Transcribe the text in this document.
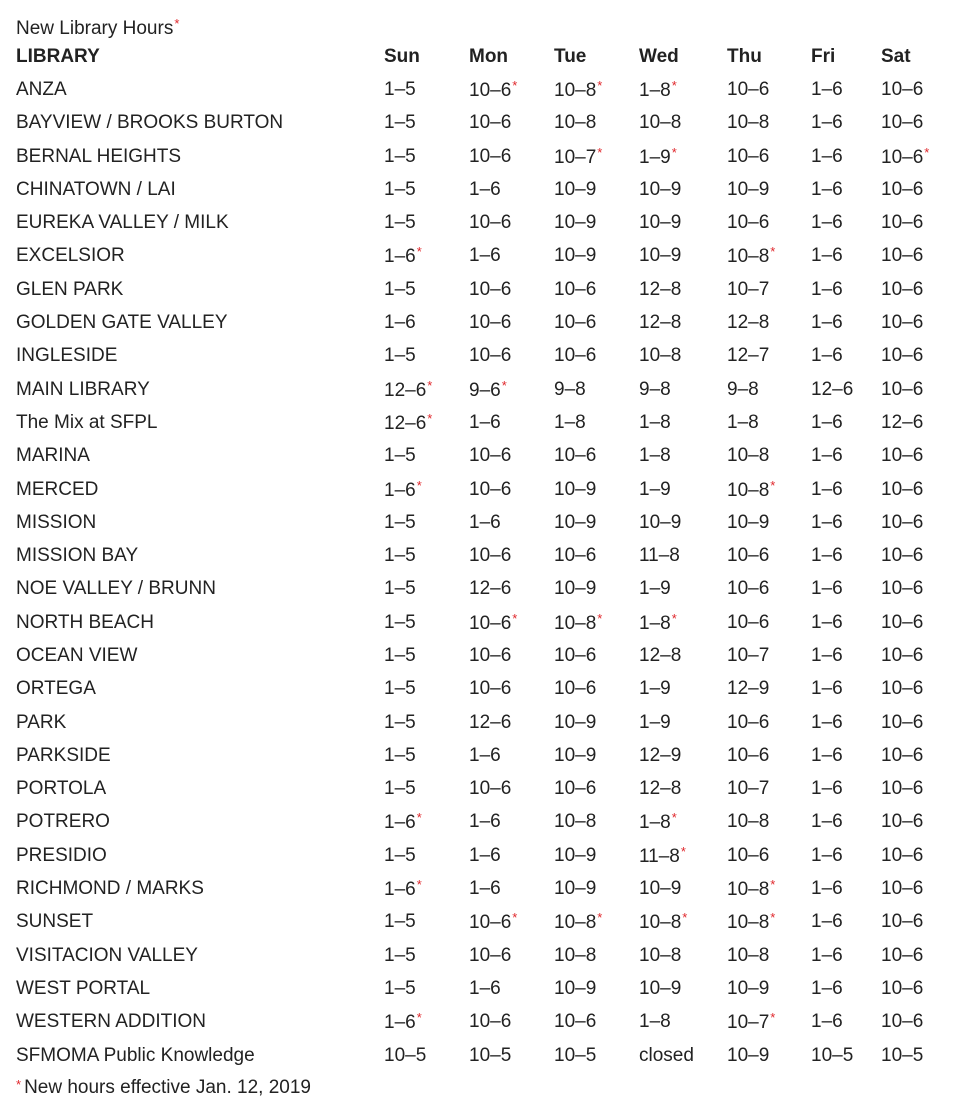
New Library Hours*
LIBRARY	Sun	Mon	Tue	Wed	Thu	Fri	Sat
ANZA	1–5	10–6*	10–8*	1–8*	10–6	1–6	10–6
BAYVIEW / BROOKS BURTON	1–5	10–6	10–8	10–8	10–8	1–6	10–6
BERNAL HEIGHTS	1–5	10–6	10–7*	1–9*	10–6	1–6	10–6*
CHINATOWN / LAI	1–5	1–6	10–9	10–9	10–9	1–6	10–6
EUREKA VALLEY / MILK	1–5	10–6	10–9	10–9	10–6	1–6	10–6
EXCELSIOR	1–6*	1–6	10–9	10–9	10–8*	1–6	10–6
GLEN PARK	1–5	10–6	10–6	12–8	10–7	1–6	10–6
GOLDEN GATE VALLEY	1–6	10–6	10–6	12–8	12–8	1–6	10–6
INGLESIDE	1–5	10–6	10–6	10–8	12–7	1–6	10–6
MAIN LIBRARY	12–6*	9–6*	9–8	9–8	9–8	12–6	10–6
The Mix at SFPL	12–6*	1–6	1–8	1–8	1–8	1–6	12–6
MARINA	1–5	10–6	10–6	1–8	10–8	1–6	10–6
MERCED	1–6*	10–6	10–9	1–9	10–8*	1–6	10–6
MISSION	1–5	1–6	10–9	10–9	10–9	1–6	10–6
MISSION BAY	1–5	10–6	10–6	11–8	10–6	1–6	10–6
NOE VALLEY / BRUNN	1–5	12–6	10–9	1–9	10–6	1–6	10–6
NORTH BEACH	1–5	10–6*	10–8*	1–8*	10–6	1–6	10–6
OCEAN VIEW	1–5	10–6	10–6	12–8	10–7	1–6	10–6
ORTEGA	1–5	10–6	10–6	1–9	12–9	1–6	10–6
PARK	1–5	12–6	10–9	1–9	10–6	1–6	10–6
PARKSIDE	1–5	1–6	10–9	12–9	10–6	1–6	10–6
PORTOLA	1–5	10–6	10–6	12–8	10–7	1–6	10–6
POTRERO	1–6*	1–6	10–8	1–8*	10–8	1–6	10–6
PRESIDIO	1–5	1–6	10–9	11–8*	10–6	1–6	10–6
RICHMOND / MARKS	1–6*	1–6	10–9	10–9	10–8*	1–6	10–6
SUNSET	1–5	10–6*	10–8*	10–8*	10–8*	1–6	10–6
VISITACION VALLEY	1–5	10–6	10–8	10–8	10–8	1–6	10–6
WEST PORTAL	1–5	1–6	10–9	10–9	10–9	1–6	10–6
WESTERN ADDITION	1–6*	10–6	10–6	1–8	10–7*	1–6	10–6
SFMOMA Public Knowledge	10–5	10–5	10–5	closed	10–9	10–5	10–5
* New hours effective Jan. 12, 2019
